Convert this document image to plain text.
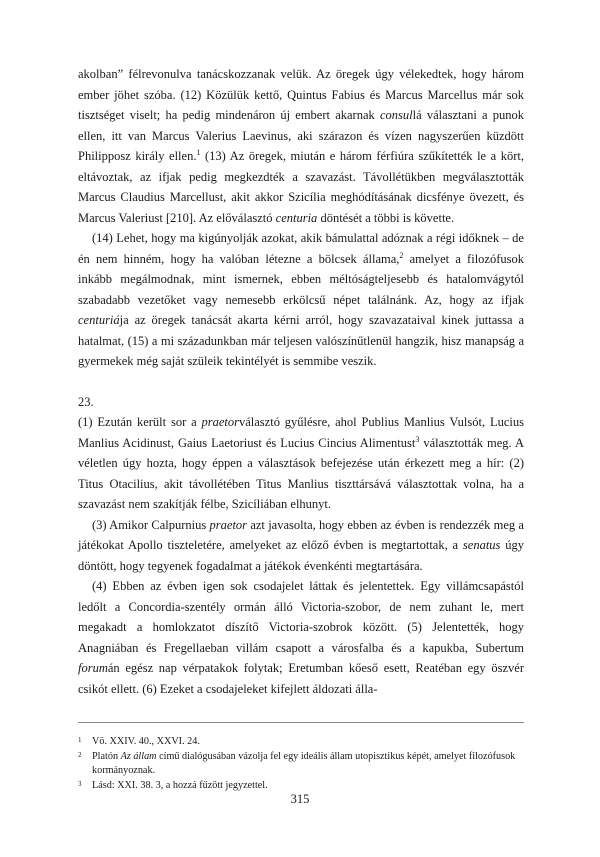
akolban” félrevonulva tanácskozzanak velük. Az öregek úgy vélekedtek, hogy három ember jöhet szóba. (12) Közülük kettő, Quintus Fabius és Marcus Marcellus már sok tisztséget viselt; ha pedig mindenáron új embert akarnak consullá választani a punok ellen, itt van Marcus Valerius Laevinus, aki szárazon és vízen nagyszerűen küzdött Philipposz király ellen.$^1$ (13) Az öregek, miután e három férfiúra szűkítették le a kört, eltávoztak, az ifjak pedig megkezdték a szavazást. Távollétükben megválasztották Marcus Claudius Marcellust, akit akkor Szicília meghódításának dicsfénye övezett, és Marcus Valeriust [210]. Az előválasztó centuria döntését a többi is követte.

(14) Lehet, hogy ma kigúnyolják azokat, akik bámulattal adóznak a régi időknek – de én nem hinném, hogy ha valóban létezne a bölcsek állama,$^2$ amelyet a filozófusok inkább megálmodnak, mint ismernek, ebben méltóságteljesebb és hatalomvágytól szabadabb vezetőket vagy nemesebb erkölcsű népet találnánk. Az, hogy az ifjak centuriája az öregek tanácsát akarta kérni arról, hogy szavazataival kinek juttassa a hatalmat, (15) a mi századunkban már teljesen valószínűtlenül hangzik, hisz manapság a gyermekek még saját szüleik tekintélyét is semmibe veszik.

23.

(1) Ezután került sor a praetorválasztó gyűlésre, ahol Publius Manlius Vulsót, Lucius Manlius Acidinust, Gaius Laetoriust és Lucius Cincius Alimentust$^3$ választották meg. A véletlen úgy hozta, hogy éppen a választások befejezése után érkezett meg a hír: (2) Titus Otacilius, akit távollétében Titus Manlius tiszttársává választottak volna, ha a szavazást nem szakítják félbe, Szicíliában elhunyt.

(3) Amikor Calpurnius praetor azt javasolta, hogy ebben az évben is rendezzék meg a játékokat Apollo tiszteletére, amelyeket az előző évben is megtartottak, a senatus úgy döntött, hogy tegyenek fogadalmat a játékok évenkénti megtartására.

(4) Ebben az évben igen sok csodajelet láttak és jelentettek. Egy villámcsapástól ledőlt a Concordia-szentély ormán álló Victoria-szobor, de nem zuhant le, mert megakadt a homlokzatot díszítő Victoria-szobrok között. (5) Jelentették, hogy Anagniában és Fregellaeban villám csapott a városfalba és a kapukba, Subertum forumán egész nap vérpatakok folytak; Eretumban kőeső esett, Reatéban egy öszvér csikót ellett. (6) Ezeket a csodajeleket kifejlett áldozati álla-

1 Vö. XXIV. 40., XXVI. 24.
2 Platón Az állam című dialógusában vázolja fel egy ideális állam utopisztikus képét, amelyet filozófusok kormányoznak.
3 Lásd: XXI. 38. 3, a hozzá fűzött jegyzettel.
315
